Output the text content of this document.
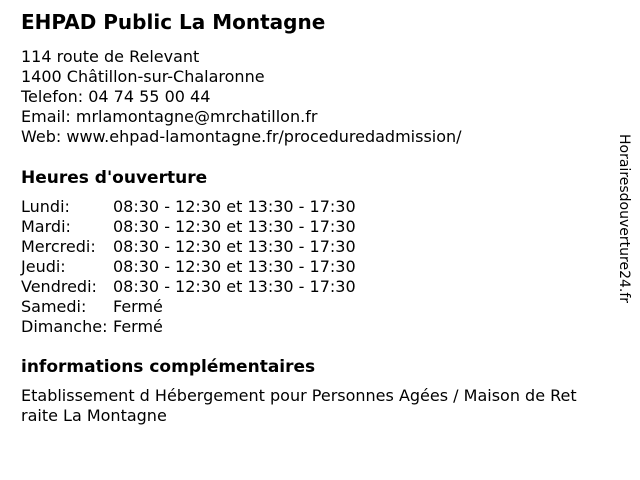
EHPAD Public La Montagne
114 route de Relevant
1400 Châtillon-sur-Chalaronne
Telefon: 04 74 55 00 44
Email: mrlamontagne@mrchatillon.fr
Web: www.ehpad-lamontagne.fr/proceduredadmission/
Heures d'ouverture
Lundi:	08:30 - 12:30 et 13:30 - 17:30
Mardi:	08:30 - 12:30 et 13:30 - 17:30
Mercredi:	08:30 - 12:30 et 13:30 - 17:30
Jeudi:	08:30 - 12:30 et 13:30 - 17:30
Vendredi:	08:30 - 12:30 et 13:30 - 17:30
Samedi:	Fermé
Dimanche: Fermé
informations complémentaires
Etablissement d Hébergement pour Personnes Agées / Maison de Ret
raite La Montagne
Horairesdouverture24.fr
